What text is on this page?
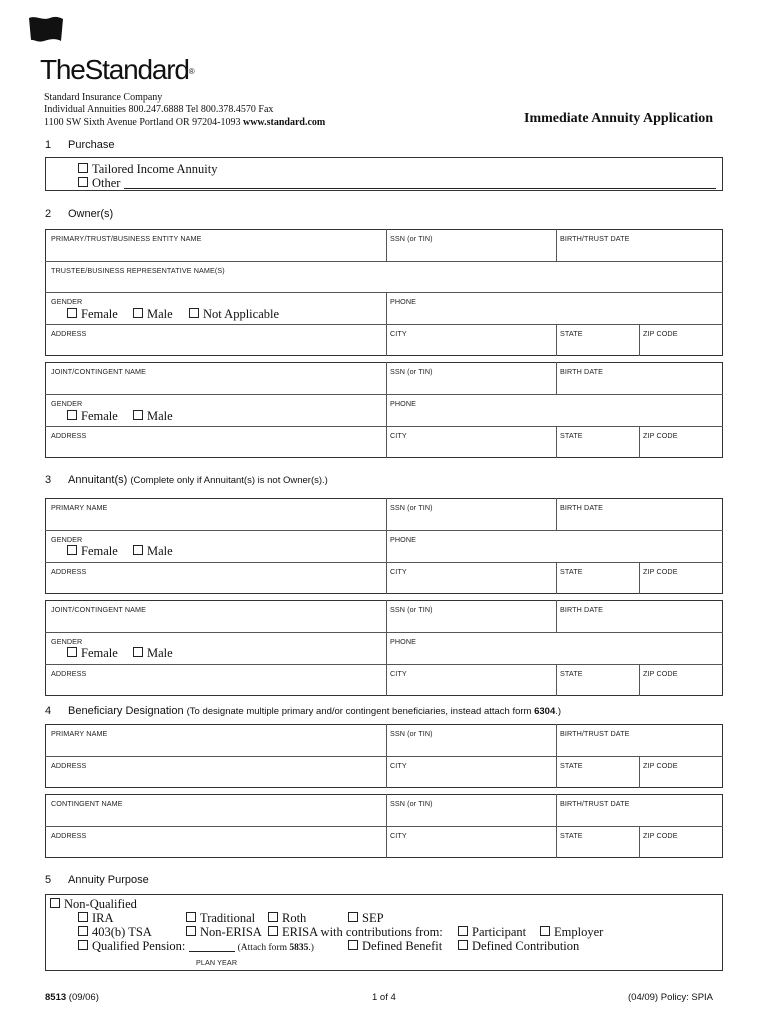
TheStandard®
Standard Insurance Company
Individual Annuities 800.247.6888 Tel 800.378.4570 Fax
1100 SW Sixth Avenue Portland OR 97204-1093 www.standard.com	Immediate Annuity Application
1 Purchase
Tailored Income Annuity
Other
2 Owner(s)
PRIMARY/TRUST/BUSINESS ENTITY NAME	SSN (or TIN)	BIRTH/TRUST DATE
TRUSTEE/BUSINESS REPRESENTATIVE NAME(S)
GENDER	PHONE
Female	Male	Not Applicable
ADDRESS	CITY	STATE	ZIP CODE
JOINT/CONTINGENT NAME	SSN (or TIN)	BIRTH DATE
GENDER	PHONE
Female	Male
ADDRESS	CITY	STATE	ZIP CODE
3 Annuitant(s) (Complete only if Annuitant(s) is not Owner(s).)
PRIMARY NAME	SSN (or TIN)	BIRTH DATE
GENDER	PHONE
Female	Male
ADDRESS	CITY	STATE	ZIP CODE
JOINT/CONTINGENT NAME	SSN (or TIN)	BIRTH DATE
GENDER	PHONE
Female	Male
ADDRESS	CITY	STATE	ZIP CODE
4 Beneficiary Designation (To designate multiple primary and/or contingent beneficiaries, instead attach form 6304.)
PRIMARY NAME	SSN (or TIN)	BIRTH/TRUST DATE
ADDRESS	CITY	STATE	ZIP CODE
CONTINGENT NAME	SSN (or TIN)	BIRTH/TRUST DATE
ADDRESS	CITY	STATE	ZIP CODE
5 Annuity Purpose
Non-Qualified
IRA	Traditional	Roth	SEP
403(b) TSA	Non-ERISA	ERISA with contributions from:	Participant	Employer
Qualified Pension:	(Attach form 5835.)	Defined Benefit	Defined Contribution
PLAN YEAR
8513 (09/06)	1 of 4	(04/09) Policy: SPIA
